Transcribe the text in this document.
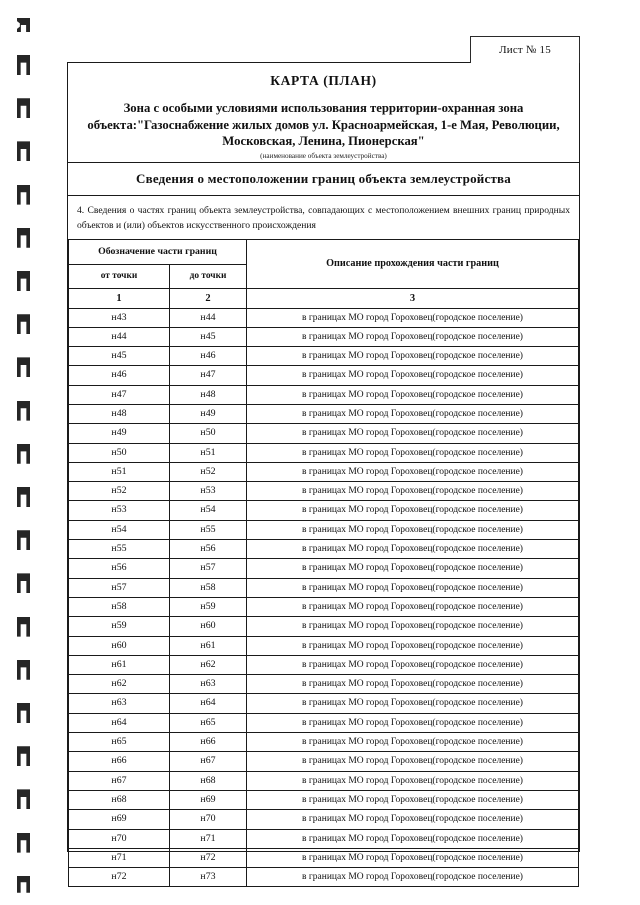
Лист № 15
КАРТА (ПЛАН)
Зона с особыми условиями использования территории-охранная зона объекта:"Газоснабжение жилых домов ул. Красноармейская, 1-е Мая, Революции, Московская, Ленина, Пионерская"
(наименование объекта землеустройства)
Сведения о местоположении границ объекта землеустройства
4. Сведения о частях границ объекта землеустройства, совпадающих с местоположением внешних границ природных объектов и (или) объектов искусственного происхождения
Обозначение части границ		Описание прохождения части границ
от точки	до точки	
1	2	3
н43	н44	в границах МО город Гороховец(городское поселение)
н44	н45	в границах МО город Гороховец(городское поселение)
н45	н46	в границах МО город Гороховец(городское поселение)
н46	н47	в границах МО город Гороховец(городское поселение)
н47	н48	в границах МО город Гороховец(городское поселение)
н48	н49	в границах МО город Гороховец(городское поселение)
н49	н50	в границах МО город Гороховец(городское поселение)
н50	н51	в границах МО город Гороховец(городское поселение)
н51	н52	в границах МО город Гороховец(городское поселение)
н52	н53	в границах МО город Гороховец(городское поселение)
н53	н54	в границах МО город Гороховец(городское поселение)
н54	н55	в границах МО город Гороховец(городское поселение)
н55	н56	в границах МО город Гороховец(городское поселение)
н56	н57	в границах МО город Гороховец(городское поселение)
н57	н58	в границах МО город Гороховец(городское поселение)
н58	н59	в границах МО город Гороховец(городское поселение)
н59	н60	в границах МО город Гороховец(городское поселение)
н60	н61	в границах МО город Гороховец(городское поселение)
н61	н62	в границах МО город Гороховец(городское поселение)
н62	н63	в границах МО город Гороховец(городское поселение)
н63	н64	в границах МО город Гороховец(городское поселение)
н64	н65	в границах МО город Гороховец(городское поселение)
н65	н66	в границах МО город Гороховец(городское поселение)
н66	н67	в границах МО город Гороховец(городское поселение)
н67	н68	в границах МО город Гороховец(городское поселение)
н68	н69	в границах МО город Гороховец(городское поселение)
н69	н70	в границах МО город Гороховец(городское поселение)
н70	н71	в границах МО город Гороховец(городское поселение)
н71	н72	в границах МО город Гороховец(городское поселение)
н72	н73	в границах МО город Гороховец(городское поселение)
